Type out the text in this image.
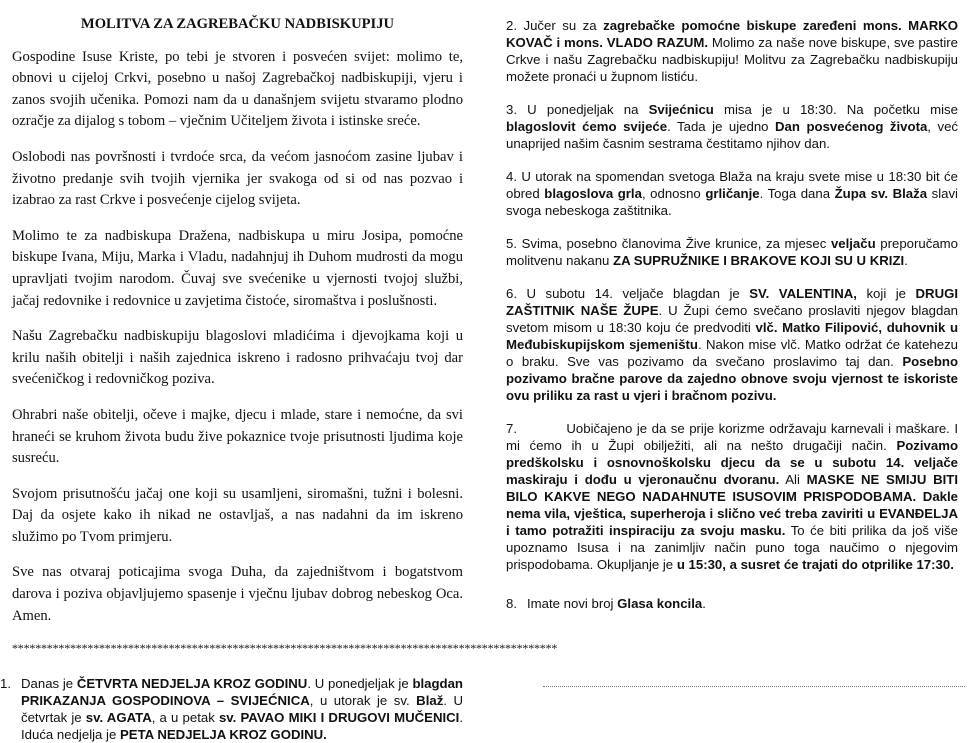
MOLITVA ZA ZAGREBAČKU NADBISKUPIJU

Gospodine Isuse Kriste, po tebi je stvoren i posvećen svijet: molimo te, obnovi u cijeloj Crkvi, posebno u našoj Zagrebačkoj nadbiskupiji, vjeru i zanos svojih učenika. Pomozi nam da u današnjem svijetu stvaramo plodno ozračje za dijalog s tobom – vječnim Učiteljem života i istinske sreće.

Oslobodi nas površnosti i tvrdoće srca, da većom jasnoćom zasine ljubav i životno predanje svih tvojih vjernika jer svakoga od si od nas pozvao i izabrao za rast Crkve i posvećenje cijelog svijeta.

Molimo te za nadbiskupa Dražena, nadbiskupa u miru Josipa, pomoćne biskupe Ivana, Miju, Marka i Vladu, nadahnjuj ih Duhom mudrosti da mogu upravljati tvojim narodom. Čuvaj sve svećenike u vjernosti tvojoj službi, jačaj redovnike i redovnice u zavjetima čistoće, siromaštva i poslušnosti.

Našu Zagrebačku nadbiskupiju blagoslovi mladićima i djevojkama koji u krilu naših obitelji i naših zajednica iskreno i radosno prihvaćaju tvoj dar svećeničkog i redovničkog poziva.

Ohrabri naše obitelji, očeve i majke, djecu i mlade, stare i nemoćne, da svi hraneći se kruhom života budu žive pokaznice tvoje prisutnosti ljudima koje susreću.

Svojom prisutnošću jačaj one koji su usamljeni, siromašni, tužni i bolesni. Daj da osjete kako ih nikad ne ostavljaš, a nas nadahni da im iskreno služimo po Tvom primjeru.

Sve nas otvaraj poticajima svoga Duha, da zajedništvom i bogatstvom darova i poziva objavljujemo spasenje i vječnu ljubav dobrog nebeskog Oca. Amen.

**********************************************************************************************
1. Danas je ČETVRTA NEDJELJA KROZ GODINU. U ponedjeljak je blagdan PRIKAZANJA GOSPODINOVA – SVIJEĆNICA, u utorak je sv. Blaž. U četvrtak je sv. AGATA, a u petak sv. PAVAO MIKI I DRUGOVI MUČENICI. Iduća nedjelja je PETA NEDJELJA KROZ GODINU.
2. Jučer su za zagrebačke pomoćne biskupe zaređeni mons. MARKO KOVAČ i mons. VLADO RAZUM. Molimo za naše nove biskupe, sve pastire Crkve i našu Zagrebačku nadbiskupiju! Molitvu za Zagrebačku nadbiskupiju možete pronaći u župnom listiću.
3. U ponedjeljak na Svijećnicu misa je u 18:30. Na početku mise blagoslovit ćemo svijeće. Tada je ujedno Dan posvećenog života, već unaprijed našim časnim sestrama čestitamo njihov dan.
4. U utorak na spomendan svetoga Blaža na kraju svete mise u 18:30 bit će obred blagoslova grla, odnosno grličanje. Toga dana Župa sv. Blaža slavi svoga nebeskoga zaštitnika.
5. Svima, posebno članovima Žive krunice, za mjesec veljaču preporučamo molitvenu nakanu ZA SUPRUŽNIKE I BRAKOVE KOJI SU U KRIZI.
6. U subotu 14. veljače blagdan je SV. VALENTINA, koji je DRUGI ZAŠTITNIK NAŠE ŽUPE. U Župi ćemo svečano proslaviti njegov blagdan svetom misom u 18:30 koju će predvoditi vlč. Matko Filipović, duhovnik u Međubiskupijskom sjemeništu. Nakon mise vlč. Matko održat će katehezu o braku. Sve vas pozivamo da svečano proslavimo taj dan. Posebno pozivamo bračne parove da zajedno obnove svoju vjernost te iskoriste ovu priliku za rast u vjeri i bračnom pozivu.
7.	Uobičajeno je da se prije korizme održavaju karnevali i maškare. I mi ćemo ih u Župi obilježiti, ali na nešto drugačiji način. Pozivamo predškolsku i osnovnoškolsku djecu da se u subotu 14. veljače maskiraju i dođu u vjeronaučnu dvoranu. Ali MASKE NE SMIJU BITI BILO KAKVE NEGO NADAHNUTE ISUSOVIM PRISPODOBAMA. Dakle nema vila, vještica, superheroja i slično već treba zaviriti u EVANĐELJA i tamo potražiti inspiraciju za svoju masku. To će biti prilika da još više upoznamo Isusa i na zanimljiv način puno toga naučimo o njegovim prispodobama. Okupljanje je u 15:30, a susret će trajati do otprilike 17:30.
8. Imate novi broj Glasa koncila.
